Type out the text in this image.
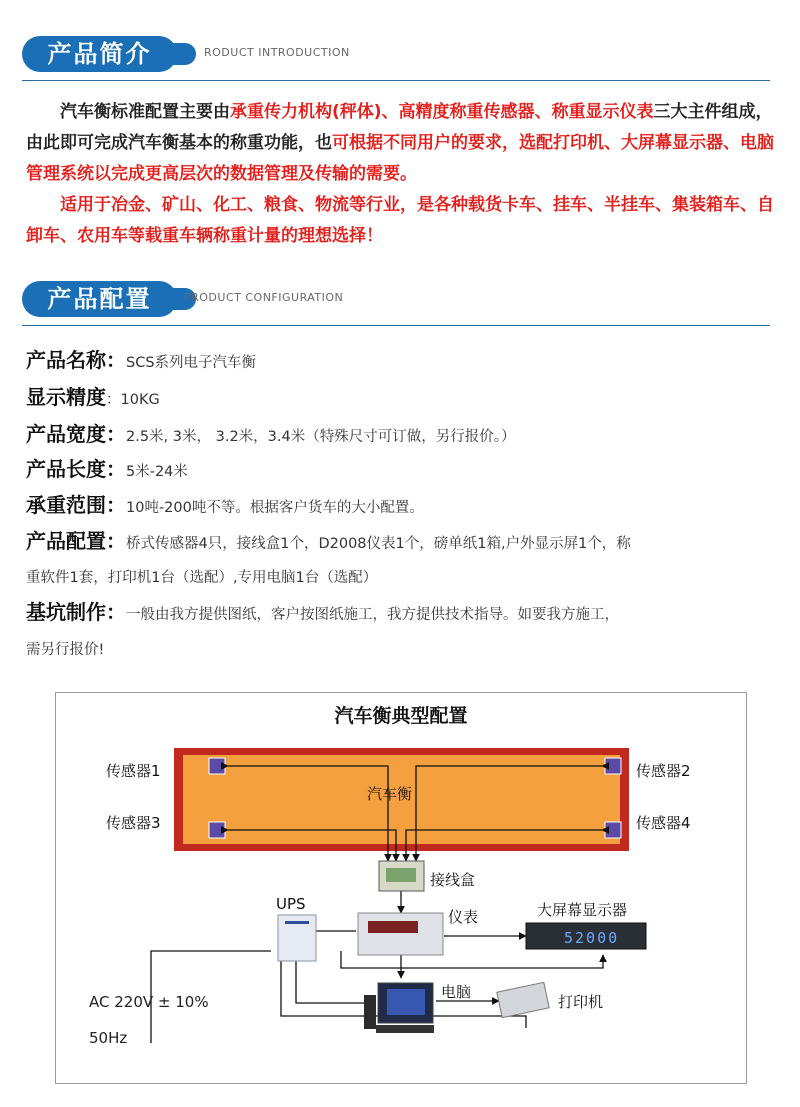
产品简介	RODUCT INTRODUCTION

汽车衡标准配置主要由承重传力机构(秤体)、高精度称重传感器、称重显示仪表三大主件组成，由此即可完成汽车衡基本的称重功能，也可根据不同用户的要求，选配打印机、大屏幕显示器、电脑管理系统以完成更高层次的数据管理及传输的需要。

适用于冶金、矿山、化工、粮食、物流等行业，是各种载货卡车、挂车、半挂车、集装箱车、自卸车、农用车等载重车辆称重计量的理想选择！

产品配置	PRODUCT CONFIGURATION
产品名称：SCS系列电子汽车衡
显示精度：10KG
产品宽度：2.5米, 3米， 3.2米，3.4米（特殊尺寸可订做，另行报价。）
产品长度：5米-24米
承重范围：10吨-200吨不等。根据客户货车的大小配置。
产品配置：桥式传感器4只，接线盒1个，D2008仪表1个，磅单纸1箱,户外显示屏1个，称
重软件1套，打印机1台（选配）,专用电脑1台（选配）
基坑制作：一般由我方提供图纸，客户按图纸施工，我方提供技术指导。如要我方施工，
需另行报价!
汽车衡典型配置
汽车衡
传感器1	传感器2
传感器3	传感器4
接线盒
UPS
仪表	大屏幕显示器
52000
电脑
打印机
AC 220V ± 10%
50Hz
